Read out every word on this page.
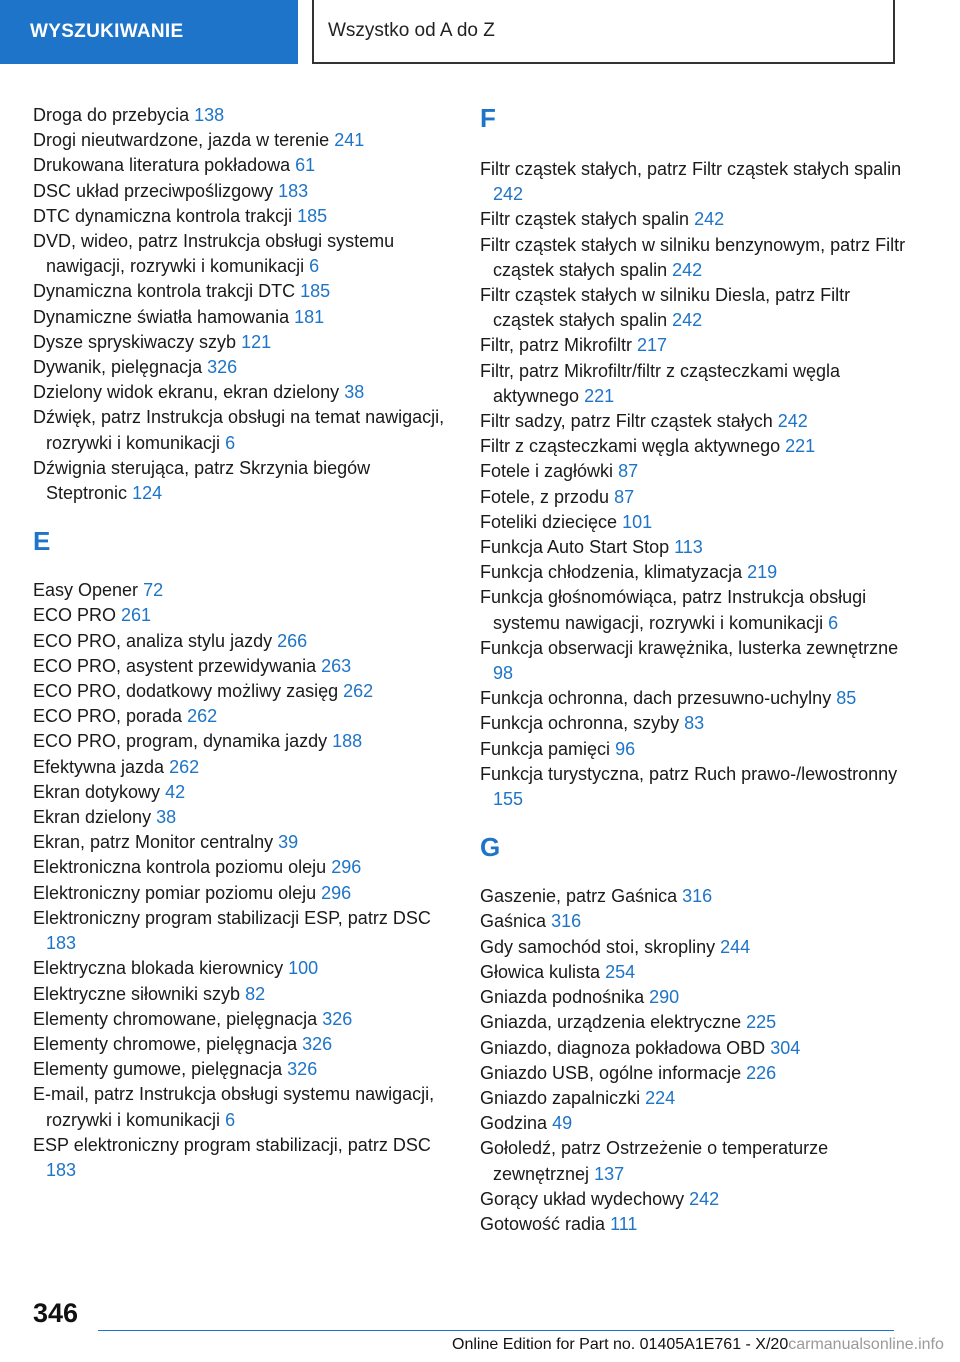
WYSZUKIWANIE	Wszystko od A do Z
Droga do przebycia 138
Drogi nieutwardzone, jazda w terenie 241
Drukowana literatura pokładowa 61
DSC układ przeciwpoślizgowy 183
DTC dynamiczna kontrola trakcji 185
DVD, wideo, patrz Instrukcja obsługi systemu nawigacji, rozrywki i komunikacji 6
Dynamiczna kontrola trakcji DTC 185
Dynamiczne światła hamowania 181
Dysze spryskiwaczy szyb 121
Dywanik, pielęgnacja 326
Dzielony widok ekranu, ekran dzielony 38
Dźwięk, patrz Instrukcja obsługi na temat nawigacji, rozrywki i komunikacji 6
Dźwignia sterująca, patrz Skrzynia biegów Steptronic 124
E
Easy Opener 72
ECO PRO 261
ECO PRO, analiza stylu jazdy 266
ECO PRO, asystent przewidywania 263
ECO PRO, dodatkowy możliwy zasięg 262
ECO PRO, porada 262
ECO PRO, program, dynamika jazdy 188
Efektywna jazda 262
Ekran dotykowy 42
Ekran dzielony 38
Ekran, patrz Monitor centralny 39
Elektroniczna kontrola poziomu oleju 296
Elektroniczny pomiar poziomu oleju 296
Elektroniczny program stabilizacji ESP, patrz DSC 183
Elektryczna blokada kierownicy 100
Elektryczne siłowniki szyb 82
Elementy chromowane, pielęgnacja 326
Elementy chromowe, pielęgnacja 326
Elementy gumowe, pielęgnacja 326
E-mail, patrz Instrukcja obsługi systemu nawigacji, rozrywki i komunikacji 6
ESP elektroniczny program stabilizacji, patrz DSC 183
F
Filtr cząstek stałych, patrz Filtr cząstek stałych spalin 242
Filtr cząstek stałych spalin 242
Filtr cząstek stałych w silniku benzynowym, patrz Filtr cząstek stałych spalin 242
Filtr cząstek stałych w silniku Diesla, patrz Filtr cząstek stałych spalin 242
Filtr, patrz Mikrofiltr 217
Filtr, patrz Mikrofiltr/filtr z cząsteczkami węgla aktywnego 221
Filtr sadzy, patrz Filtr cząstek stałych 242
Filtr z cząsteczkami węgla aktywnego 221
Fotele i zagłówki 87
Fotele, z przodu 87
Foteliki dziecięce 101
Funkcja Auto Start Stop 113
Funkcja chłodzenia, klimatyzacja 219
Funkcja głośnomówiąca, patrz Instrukcja obsługi systemu nawigacji, rozrywki i komunikacji 6
Funkcja obserwacji krawężnika, lusterka zewnętrzne 98
Funkcja ochronna, dach przesuwno-uchylny 85
Funkcja ochronna, szyby 83
Funkcja pamięci 96
Funkcja turystyczna, patrz Ruch prawo-/lewostronny 155
G
Gaszenie, patrz Gaśnica 316
Gaśnica 316
Gdy samochód stoi, skropliny 244
Głowica kulista 254
Gniazda podnośnika 290
Gniazda, urządzenia elektryczne 225
Gniazdo, diagnoza pokładowa OBD 304
Gniazdo USB, ogólne informacje 226
Gniazdo zapalniczki 224
Godzina 49
Gołoledź, patrz Ostrzeżenie o temperaturze zewnętrznej 137
Gorący układ wydechowy 242
Gotowość radia 111
346
Online Edition for Part no. 01405A1E761 - X/20carmanualsonline.info
